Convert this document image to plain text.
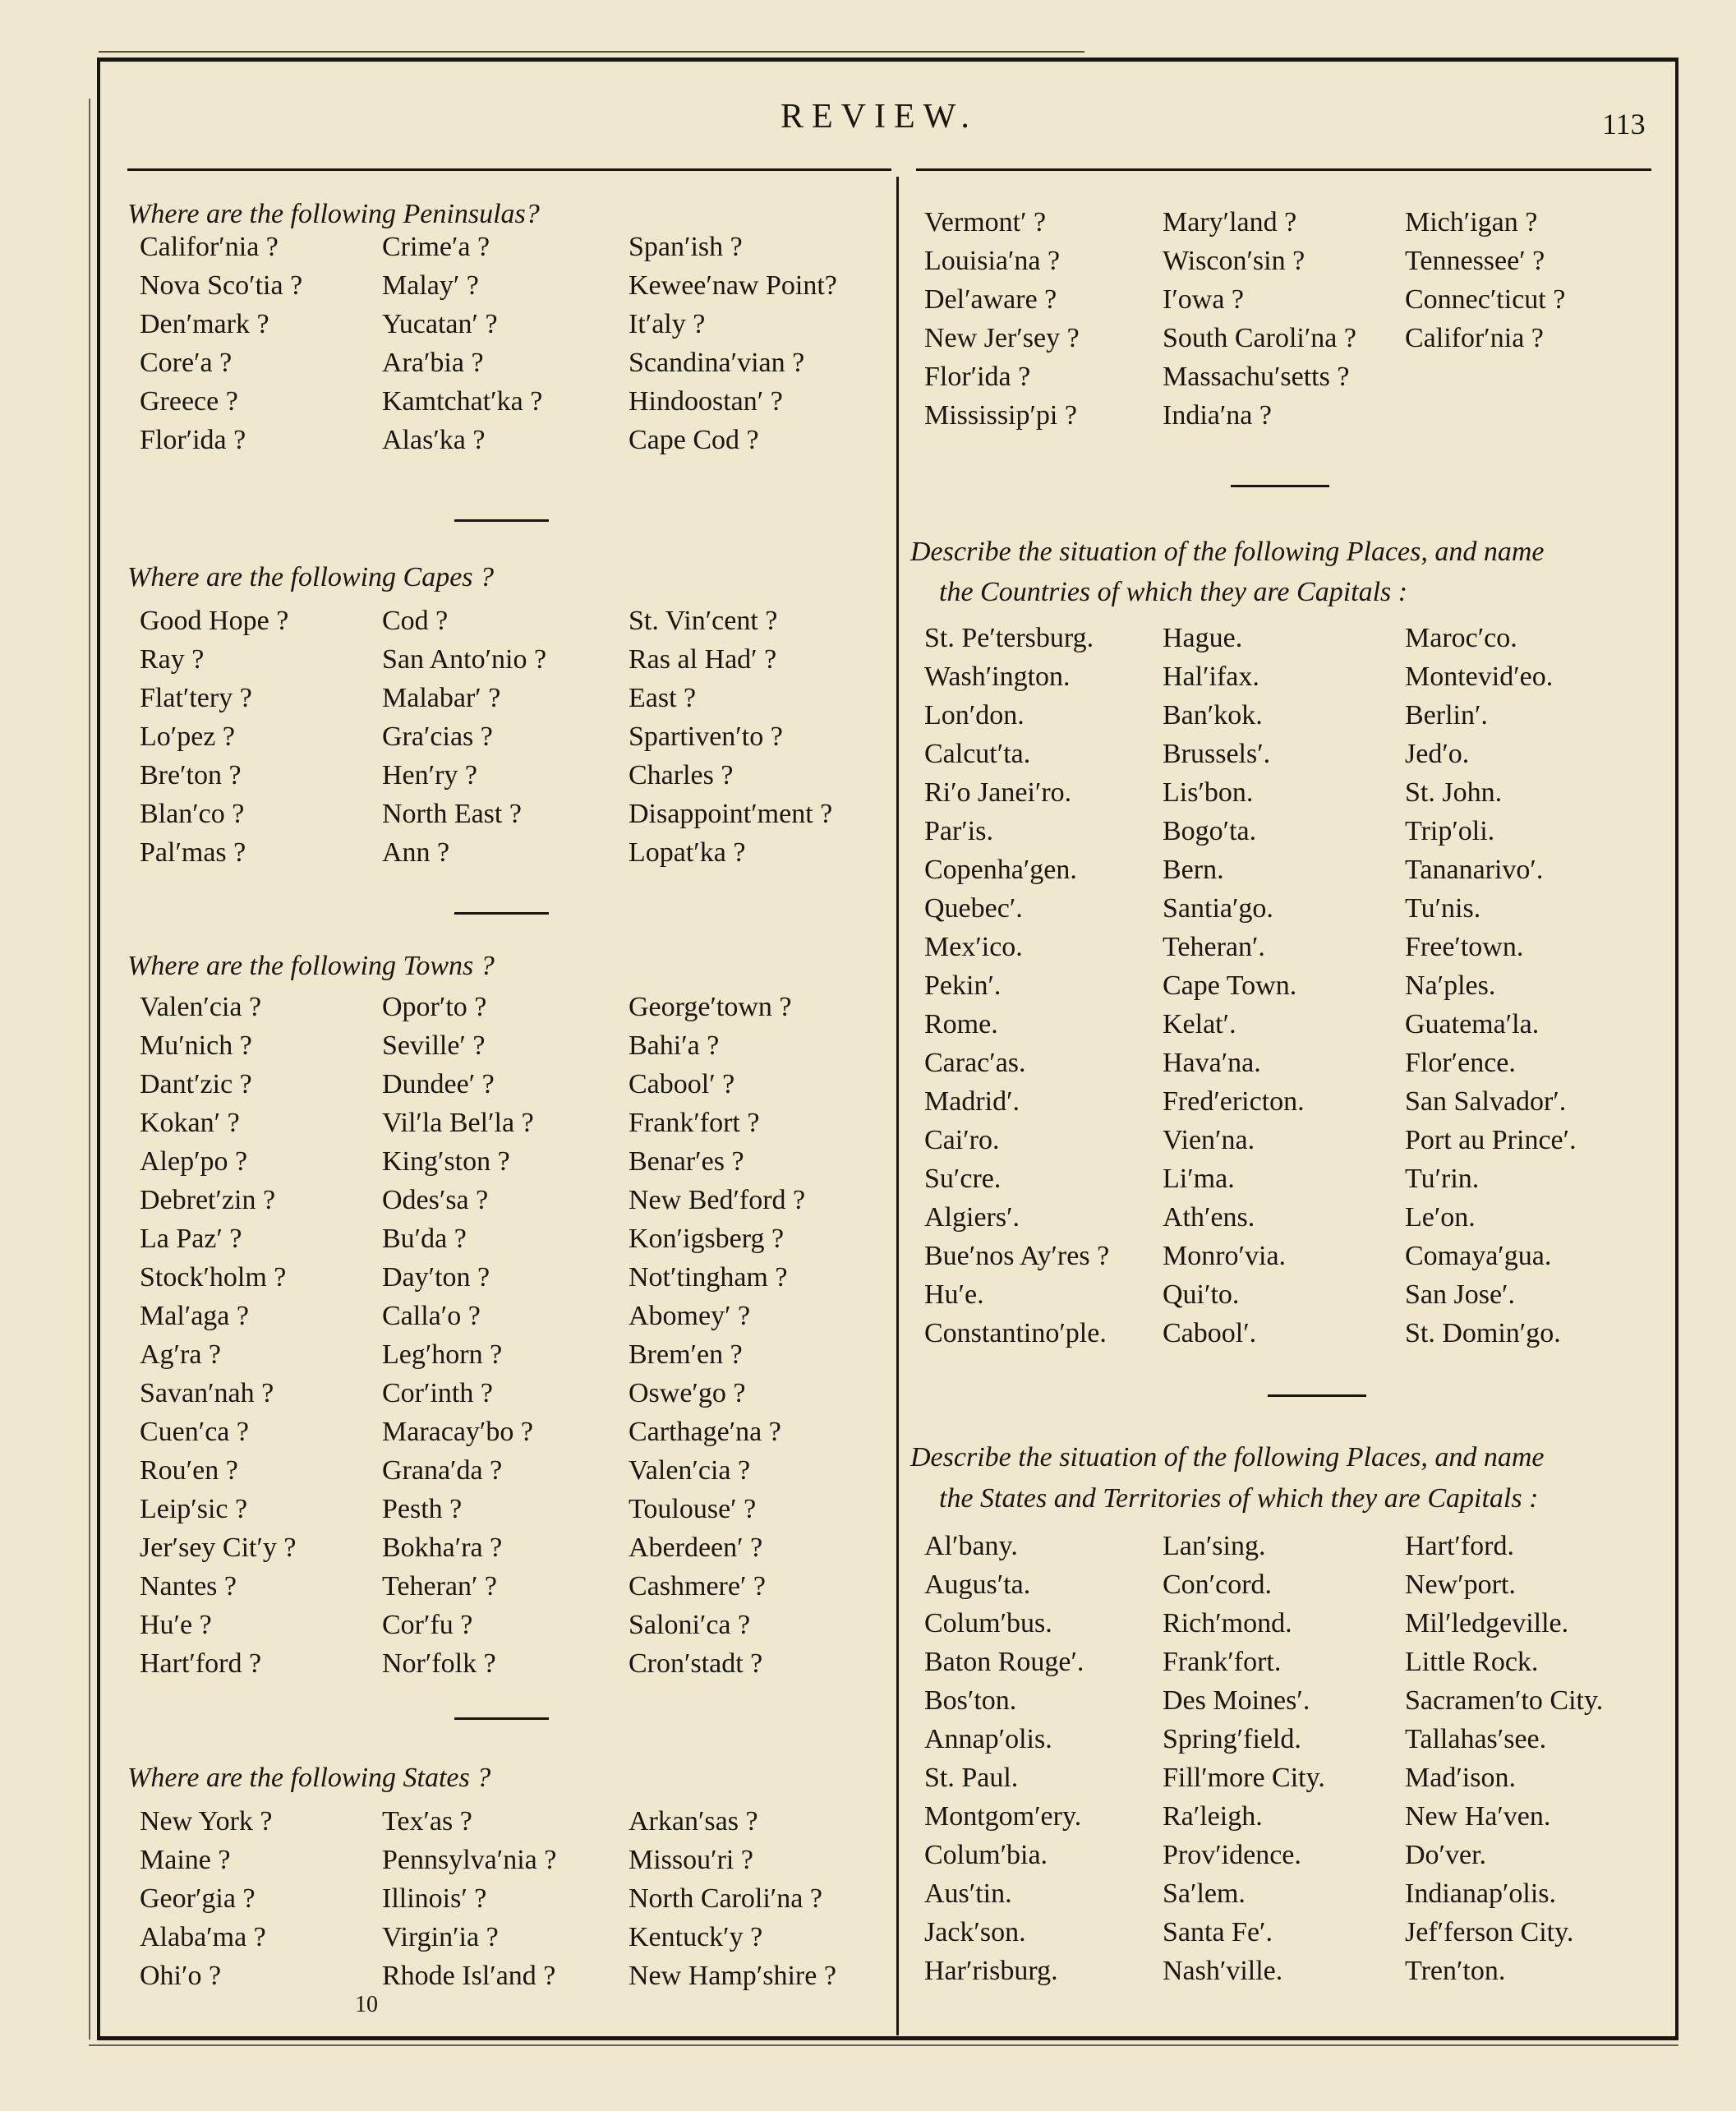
REVIEW.	113
Where are the following Peninsulas?
Califor′nia ?
Nova Sco′tia ?
Den′mark ?
Core′a ?
Greece ?
Flor′ida ?
Crime′a ?
Malay′ ?
Yucatan′ ?
Ara′bia ?
Kamtchat′ka ?
Alas′ka ?
Span′ish ?
Kewee′naw Point?
It′aly ?
Scandina′vian ?
Hindoostan′ ?
Cape Cod ?
Where are the following Capes ?
Good Hope ?
Ray ?
Flat′tery ?
Lo′pez ?
Bre′ton ?
Blan′co ?
Pal′mas ?
Cod ?
San Anto′nio ?
Malabar′ ?
Gra′cias ?
Hen′ry ?
North East ?
Ann ?
St. Vin′cent ?
Ras al Had′ ?
East ?
Spartiven′to ?
Charles ?
Disappoint′ment ?
Lopat′ka ?
Where are the following Towns ?
Valen′cia ?
Mu′nich ?
Dant′zic ?
Kokan′ ?
Alep′po ?
Debret′zin ?
La Paz′ ?
Stock′holm ?
Mal′aga ?
Ag′ra ?
Savan′nah ?
Cuen′ca ?
Rou′en ?
Leip′sic ?
Jer′sey Cit′y ?
Nantes ?
Hu′e ?
Hart′ford ?
Opor′to ?
Seville′ ?
Dundee′ ?
Vil′la Bel′la ?
King′ston ?
Odes′sa ?
Bu′da ?
Day′ton ?
Calla′o ?
Leg′horn ?
Cor′inth ?
Maracay′bo ?
Grana′da ?
Pesth ?
Bokha′ra ?
Teheran′ ?
Cor′fu ?
Nor′folk ?
George′town ?
Bahi′a ?
Cabool′ ?
Frank′fort ?
Benar′es ?
New Bed′ford ?
Kon′igsberg ?
Not′tingham ?
Abomey′ ?
Brem′en ?
Oswe′go ?
Carthage′na ?
Valen′cia ?
Toulouse′ ?
Aberdeen′ ?
Cashmere′ ?
Saloni′ca ?
Cron′stadt ?
Where are the following States ?
New York ?
Maine ?
Geor′gia ?
Alaba′ma ?
Ohi′o ?
Tex′as ?
Pennsylva′nia ?
Illinois′ ?
Virgin′ia ?
Rhode Isl′and ?
Arkan′sas ?
Missou′ri ?
North Caroli′na ?
Kentuck′y ?
New Hamp′shire ?
10
Vermont′ ?
Louisia′na ?
Del′aware ?
New Jer′sey ?
Flor′ida ?
Mississip′pi ?
Mary′land ?
Wiscon′sin ?
I′owa ?
South Caroli′na ?
Massachu′setts ?
India′na ?
Mich′igan ?
Tennessee′ ?
Connec′ticut ?
Califor′nia ?
Describe the situation of the following Places, and name
the Countries of which they are Capitals :
St. Pe′tersburg.
Wash′ington.
Lon′don.
Calcut′ta.
Ri′o Janei′ro.
Par′is.
Copenha′gen.
Quebec′.
Mex′ico.
Pekin′.
Rome.
Carac′as.
Madrid′.
Cai′ro.
Su′cre.
Algiers′.
Bue′nos Ay′res ?
Hu′e.
Constantino′ple.
Hague.
Hal′ifax.
Ban′kok.
Brussels′.
Lis′bon.
Bogo′ta.
Bern.
Santia′go.
Teheran′.
Cape Town.
Kelat′.
Hava′na.
Fred′ericton.
Vien′na.
Li′ma.
Ath′ens.
Monro′via.
Qui′to.
Cabool′.
Maroc′co.
Montevid′eo.
Berlin′.
Jed′o.
St. John.
Trip′oli.
Tananarivo′.
Tu′nis.
Free′town.
Na′ples.
Guatema′la.
Flor′ence.
San Salvador′.
Port au Prince′.
Tu′rin.
Le′on.
Comaya′gua.
San Jose′.
St. Domin′go.
Describe the situation of the following Places, and name
the States and Territories of which they are Capitals :
Al′bany.
Augus′ta.
Colum′bus.
Baton Rouge′.
Bos′ton.
Annap′olis.
St. Paul.
Montgom′ery.
Colum′bia.
Aus′tin.
Jack′son.
Har′risburg.
Lan′sing.
Con′cord.
Rich′mond.
Frank′fort.
Des Moines′.
Spring′field.
Fill′more City.
Ra′leigh.
Prov′idence.
Sa′lem.
Santa Fe′.
Nash′ville.
Hart′ford.
New′port.
Mil′ledgeville.
Little Rock.
Sacramen′to City.
Tallahas′see.
Mad′ison.
New Ha′ven.
Do′ver.
Indianap′olis.
Jef′ferson City.
Tren′ton.
